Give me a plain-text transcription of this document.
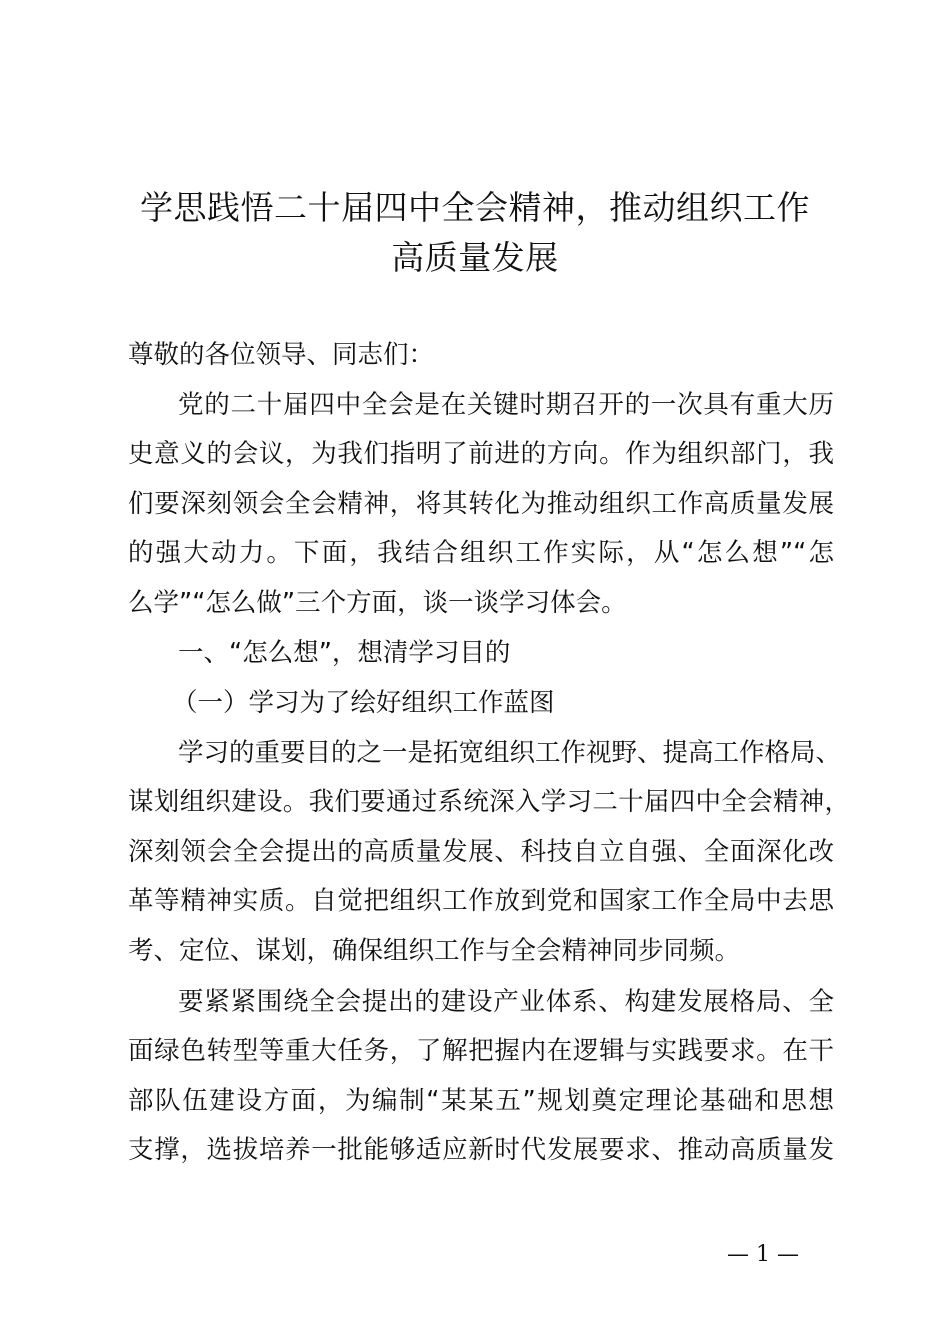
学思践悟二十届四中全会精神，推动组织工作
高质量发展
尊敬的各位领导、同志们：
党的二十届四中全会是在关键时期召开的一次具有重大历
史意义的会议，为我们指明了前进的方向。作为组织部门，我
们要深刻领会全会精神，将其转化为推动组织工作高质量发展
的强大动力。下面，我结合组织工作实际，从“怎么想”“怎
么学”“怎么做”三个方面，谈一谈学习体会。
一、“怎么想”，想清学习目的
（一）学习为了绘好组织工作蓝图
学习的重要目的之一是拓宽组织工作视野、提高工作格局、
谋划组织建设。我们要通过系统深入学习二十届四中全会精神，
深刻领会全会提出的高质量发展、科技自立自强、全面深化改
革等精神实质。自觉把组织工作放到党和国家工作全局中去思
考、定位、谋划，确保组织工作与全会精神同步同频。
要紧紧围绕全会提出的建设产业体系、构建发展格局、全
面绿色转型等重大任务，了解把握内在逻辑与实践要求。在干
部队伍建设方面，为编制“某某五”规划奠定理论基础和思想
支撑，选拔培养一批能够适应新时代发展要求、推动高质量发
— 1 —
